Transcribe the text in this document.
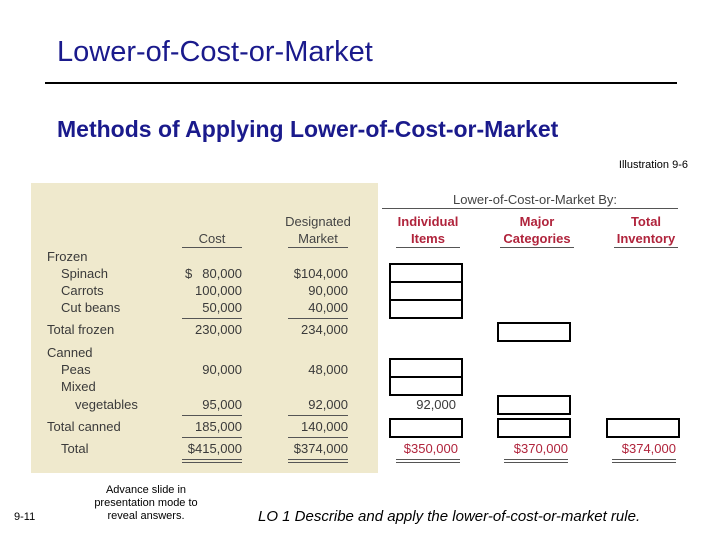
Lower-of-Cost-or-Market
Methods of Applying Lower-of-Cost-or-Market
Illustration 9-6
Lower-of-Cost-or-Market By:
Cost
Designated
Market
Individual
Items
Major
Categories
Total
Inventory
Frozen
Spinach	$ 80,000	$104,000
Carrots	100,000	90,000
Cut beans	50,000	40,000
Total frozen	230,000	234,000
Canned
Peas	90,000	48,000
Mixed
vegetables	95,000	92,000	92,000
Total canned	185,000	140,000
Total	$415,000	$374,000	$350,000	$370,000	$374,000
9-11
Advance slide in presentation mode to reveal answers.	LO 1 Describe and apply the lower-of-cost-or-market rule.
